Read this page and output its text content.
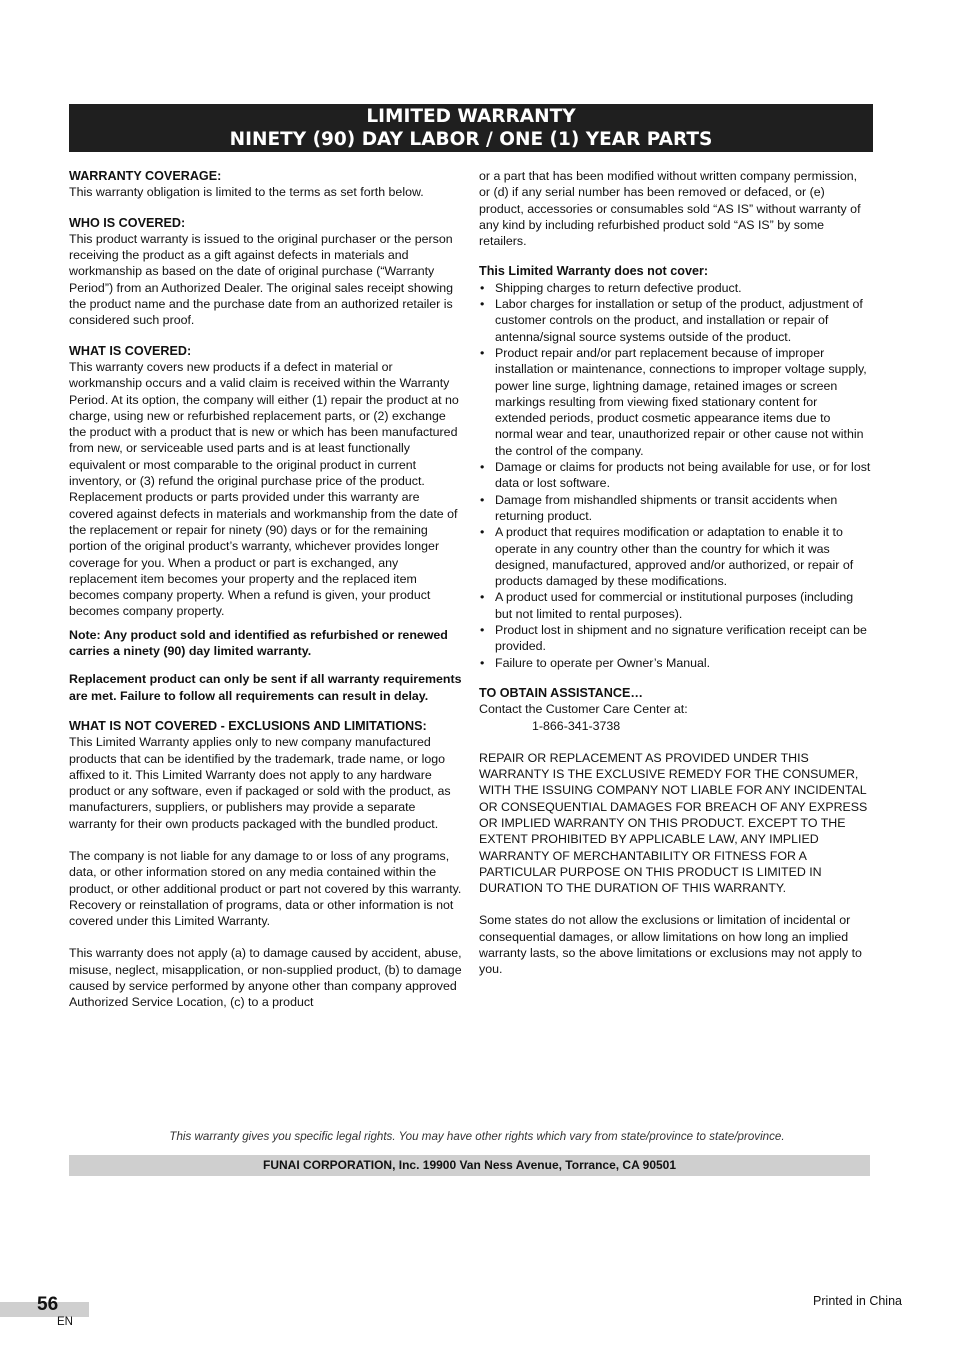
LIMITED WARRANTY
NINETY (90) DAY LABOR / ONE (1) YEAR PARTS
WARRANTY COVERAGE:

This warranty obligation is limited to the terms as set forth below.

WHO IS COVERED:

This product warranty is issued to the original purchaser or the person receiving the product as a gift against defects in materials and workmanship as based on the date of original purchase (“Warranty Period”) from an Authorized Dealer. The original sales receipt showing the product name and the purchase date from an authorized retailer is considered such proof.

WHAT IS COVERED:

This warranty covers new products if a defect in material or workmanship occurs and a valid claim is received within the Warranty Period. At its option, the company will either (1) repair the product at no charge, using new or refurbished replacement parts, or (2) exchange the product with a product that is new or which has been manufactured from new, or serviceable used parts and is at least functionally equivalent or most comparable to the original product in current inventory, or (3) refund the original purchase price of the product.

Replacement products or parts provided under this warranty are covered against defects in materials and workmanship from the date of the replacement or repair for ninety (90) days or for the remaining portion of the original product’s warranty, whichever provides longer coverage for you. When a product or part is exchanged, any replacement item becomes your property and the replaced item becomes company property. When a refund is given, your product becomes company property.

Note: Any product sold and identified as refurbished or renewed carries a ninety (90) day limited warranty.

Replacement product can only be sent if all warranty requirements are met. Failure to follow all requirements can result in delay.

WHAT IS NOT COVERED - EXCLUSIONS AND LIMITATIONS:

This Limited Warranty applies only to new company manufactured products that can be identified by the trademark, trade name, or logo affixed to it. This Limited Warranty does not apply to any hardware product or any software, even if packaged or sold with the product, as manufacturers, suppliers, or publishers may provide a separate warranty for their own products packaged with the bundled product.

The company is not liable for any damage to or loss of any programs, data, or other information stored on any media contained within the product, or other additional product or part not covered by this warranty. Recovery or reinstallation of programs, data or other information is not covered under this Limited Warranty.

This warranty does not apply (a) to damage caused by accident, abuse, misuse, neglect, misapplication, or non-supplied product, (b) to damage caused by service performed by anyone other than company approved Authorized Service Location, (c) to a product

or a part that has been modified without written company permission, or (d) if any serial number has been removed or defaced, or (e) product, accessories or consumables sold “AS IS” without warranty of any kind by including refurbished product sold “AS IS” by some retailers.

This Limited Warranty does not cover:
• Shipping charges to return defective product.
• Labor charges for installation or setup of the product, adjustment of customer controls on the product, and installation or repair of antenna/signal source systems outside of the product.
• Product repair and/or part replacement because of improper installation or maintenance, connections to improper voltage supply, power line surge, lightning damage, retained images or screen markings resulting from viewing fixed stationary content for extended periods, product cosmetic appearance items due to normal wear and tear, unauthorized repair or other cause not within the control of the company.
• Damage or claims for products not being available for use, or for lost data or lost software.
• Damage from mishandled shipments or transit accidents when returning product.
• A product that requires modification or adaptation to enable it to operate in any country other than the country for which it was designed, manufactured, approved and/or authorized, or repair of products damaged by these modifications.
• A product used for commercial or institutional purposes (including but not limited to rental purposes).
• Product lost in shipment and no signature verification receipt can be provided.
• Failure to operate per Owner’s Manual.
TO OBTAIN ASSISTANCE…

Contact the Customer Care Center at:

1-866-341-3738

REPAIR OR REPLACEMENT AS PROVIDED UNDER THIS WARRANTY IS THE EXCLUSIVE REMEDY FOR THE CONSUMER, WITH THE ISSUING COMPANY NOT LIABLE FOR ANY INCIDENTAL OR CONSEQUENTIAL DAMAGES FOR BREACH OF ANY EXPRESS OR IMPLIED WARRANTY ON THIS PRODUCT. EXCEPT TO THE EXTENT PROHIBITED BY APPLICABLE LAW, ANY IMPLIED WARRANTY OF MERCHANTABILITY OR FITNESS FOR A PARTICULAR PURPOSE ON THIS PRODUCT IS LIMITED IN DURATION TO THE DURATION OF THIS WARRANTY.

Some states do not allow the exclusions or limitation of incidental or consequential damages, or allow limitations on how long an implied warranty lasts, so the above limitations or exclusions may not apply to you.

This warranty gives you specific legal rights. You may have other rights which vary from state/province to state/province.
FUNAI CORPORATION, Inc. 19900 Van Ness Avenue, Torrance, CA 90501
56
EN
Printed in China
